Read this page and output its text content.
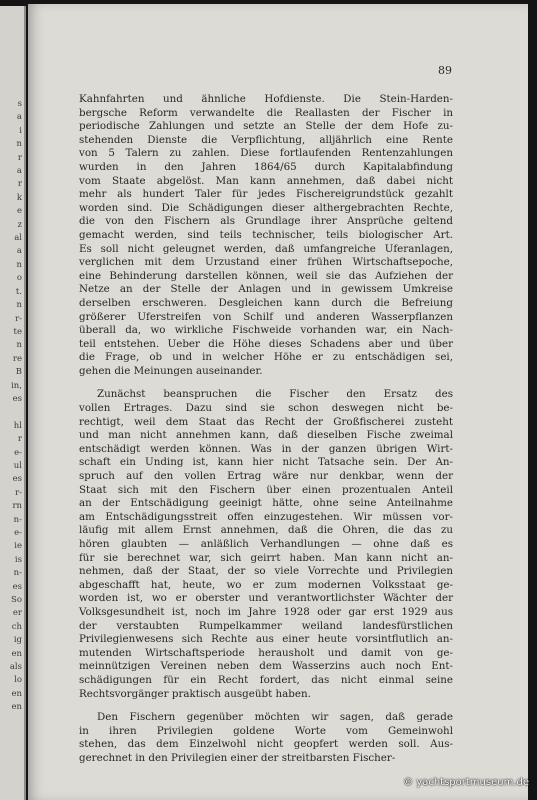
s
a
i
n
r
a
r
k
e
z
al
a
n
o
t.
n
r-
te
n
re
B
in,
es

hl
r
e-
ul
es
r-
rn
n-
e-
ie
is
n-
es
So
er
ch
ig
en
als
lo
en
en
89
Kahnfahrten und ähnliche Hofdienste. Die Stein-Harden-
bergsche Reform verwandelte die Reallasten der Fischer in
periodische Zahlungen und setzte an Stelle der dem Hofe zu-
stehenden Dienste die Verpflichtung, alljährlich eine Rente
von 5 Talern zu zahlen. Diese fortlaufenden Rentenzahlungen
wurden in den Jahren 1864/65 durch Kapitalabfindung
vom Staate abgelöst. Man kann annehmen, daß dabei nicht
mehr als hundert Taler für jedes Fischereigrundstück gezahlt
worden sind. Die Schädigungen dieser althergebrachten Rechte,
die von den Fischern als Grundlage ihrer Ansprüche geltend
gemacht werden, sind teils technischer, teils biologischer Art.
Es soll nicht geleugnet werden, daß umfangreiche Uferanlagen,
verglichen mit dem Urzustand einer frühen Wirtschaftsepoche,
eine Behinderung darstellen können, weil sie das Aufziehen der
Netze an der Stelle der Anlagen und in gewissem Umkreise
derselben erschweren. Desgleichen kann durch die Befreiung
größerer Uferstreifen von Schilf und anderen Wasserpflanzen
überall da, wo wirkliche Fischweide vorhanden war, ein Nach-
teil entstehen. Ueber die Höhe dieses Schadens aber und über
die Frage, ob und in welcher Höhe er zu entschädigen sei,
gehen die Meinungen auseinander.
Zunächst beanspruchen die Fischer den Ersatz des
vollen Ertrages. Dazu sind sie schon deswegen nicht be-
rechtigt, weil dem Staat das Recht der Großfischerei zusteht
und man nicht annehmen kann, daß dieselben Fische zweimal
entschädigt werden können. Was in der ganzen übrigen Wirt-
schaft ein Unding ist, kann hier nicht Tatsache sein. Der An-
spruch auf den vollen Ertrag wäre nur denkbar, wenn der
Staat sich mit den Fischern über einen prozentualen Anteil
an der Entschädigung geeinigt hätte, ohne seine Anteilnahme
am Entschädigungsstreit offen einzugestehen. Wir müssen vor-
läufig mit allem Ernst annehmen, daß die Ohren, die das zu
hören glaubten — anläßlich Verhandlungen — ohne daß es
für sie berechnet war, sich geirrt haben. Man kann nicht an-
nehmen, daß der Staat, der so viele Vorrechte und Privilegien
abgeschafft hat, heute, wo er zum modernen Volksstaat ge-
worden ist, wo er oberster und verantwortlichster Wächter der
Volksgesundheit ist, noch im Jahre 1928 oder gar erst 1929 aus
der verstaubten Rumpelkammer weiland landesfürstlichen
Privilegienwesens sich Rechte aus einer heute vorsintflutlich an-
mutenden Wirtschaftsperiode herausholt und damit von ge-
meinnützigen Vereinen neben dem Wasserzins auch noch Ent-
schädigungen für ein Recht fordert, das nicht einmal seine
Rechtsvorgänger praktisch ausgeübt haben.
Den Fischern gegenüber möchten wir sagen, daß gerade
in ihren Privilegien goldene Worte vom Gemeinwohl
stehen, das dem Einzelwohl nicht geopfert werden soll. Aus-
gerechnet in den Privilegien einer der streitbarsten Fischer-
© yachtsportmuseum.de
